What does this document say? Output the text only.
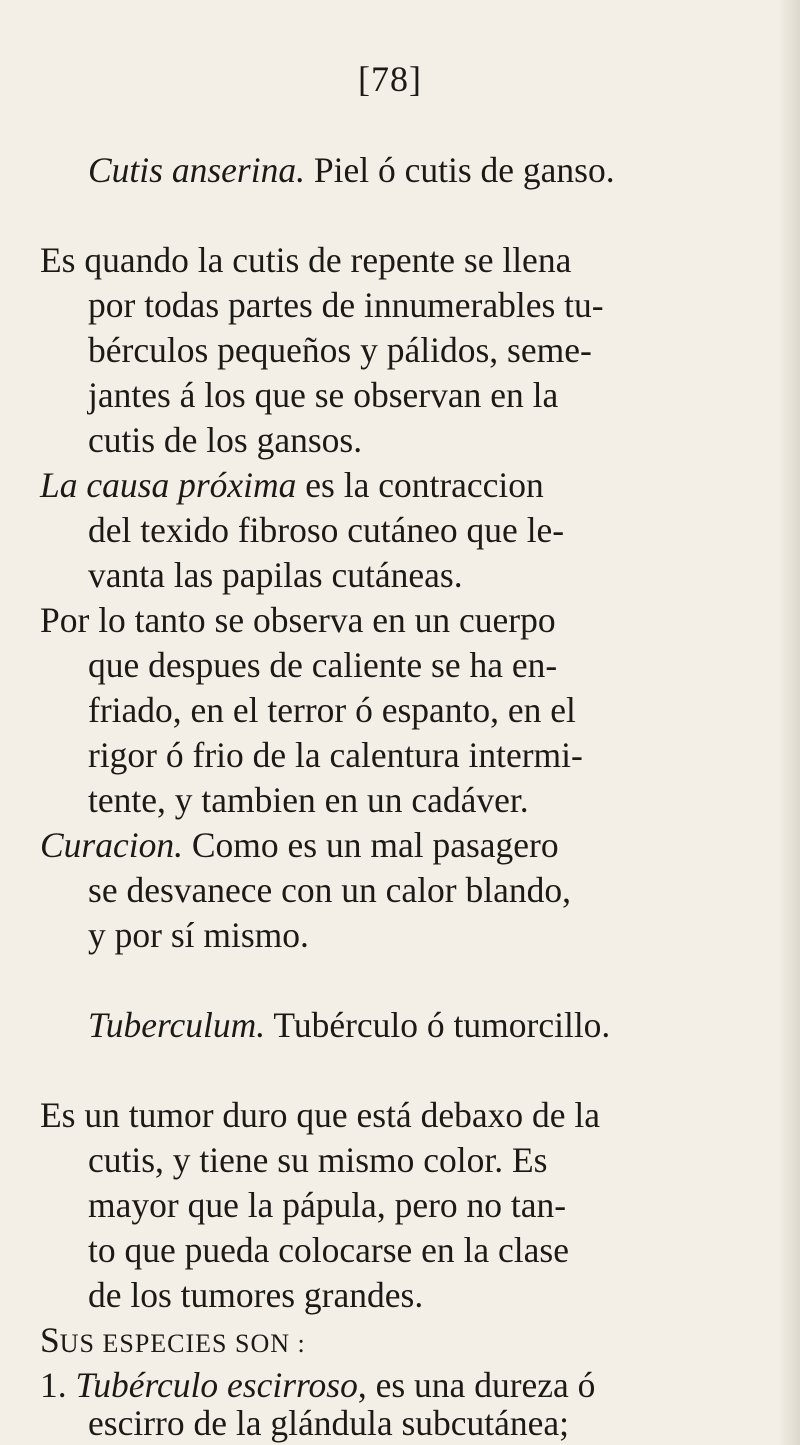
[78]
Cutis anserina. Piel ó cutis de ganso.
Es quando la cutis de repente se llena
por todas partes de innumerables tu-
bérculos pequeños y pálidos, seme-
jantes á los que se observan en la
cutis de los gansos.
La causa próxima es la contraccion
del texido fibroso cutáneo que le-
vanta las papilas cutáneas.
Por lo tanto se observa en un cuerpo
que despues de caliente se ha en-
friado, en el terror ó espanto, en el
rigor ó frio de la calentura intermi-
tente, y tambien en un cadáver.
Curacion. Como es un mal pasagero
se desvanece con un calor blando,
y por sí mismo.
Tuberculum. Tubérculo ó tumorcillo.
Es un tumor duro que está debaxo de la
cutis, y tiene su mismo color. Es
mayor que la pápula, pero no tan-
to que pueda colocarse en la clase
de los tumores grandes.
SUS ESPECIES SON :
1. Tubérculo escirroso, es una dureza ó
escirro de la glándula subcutánea;
